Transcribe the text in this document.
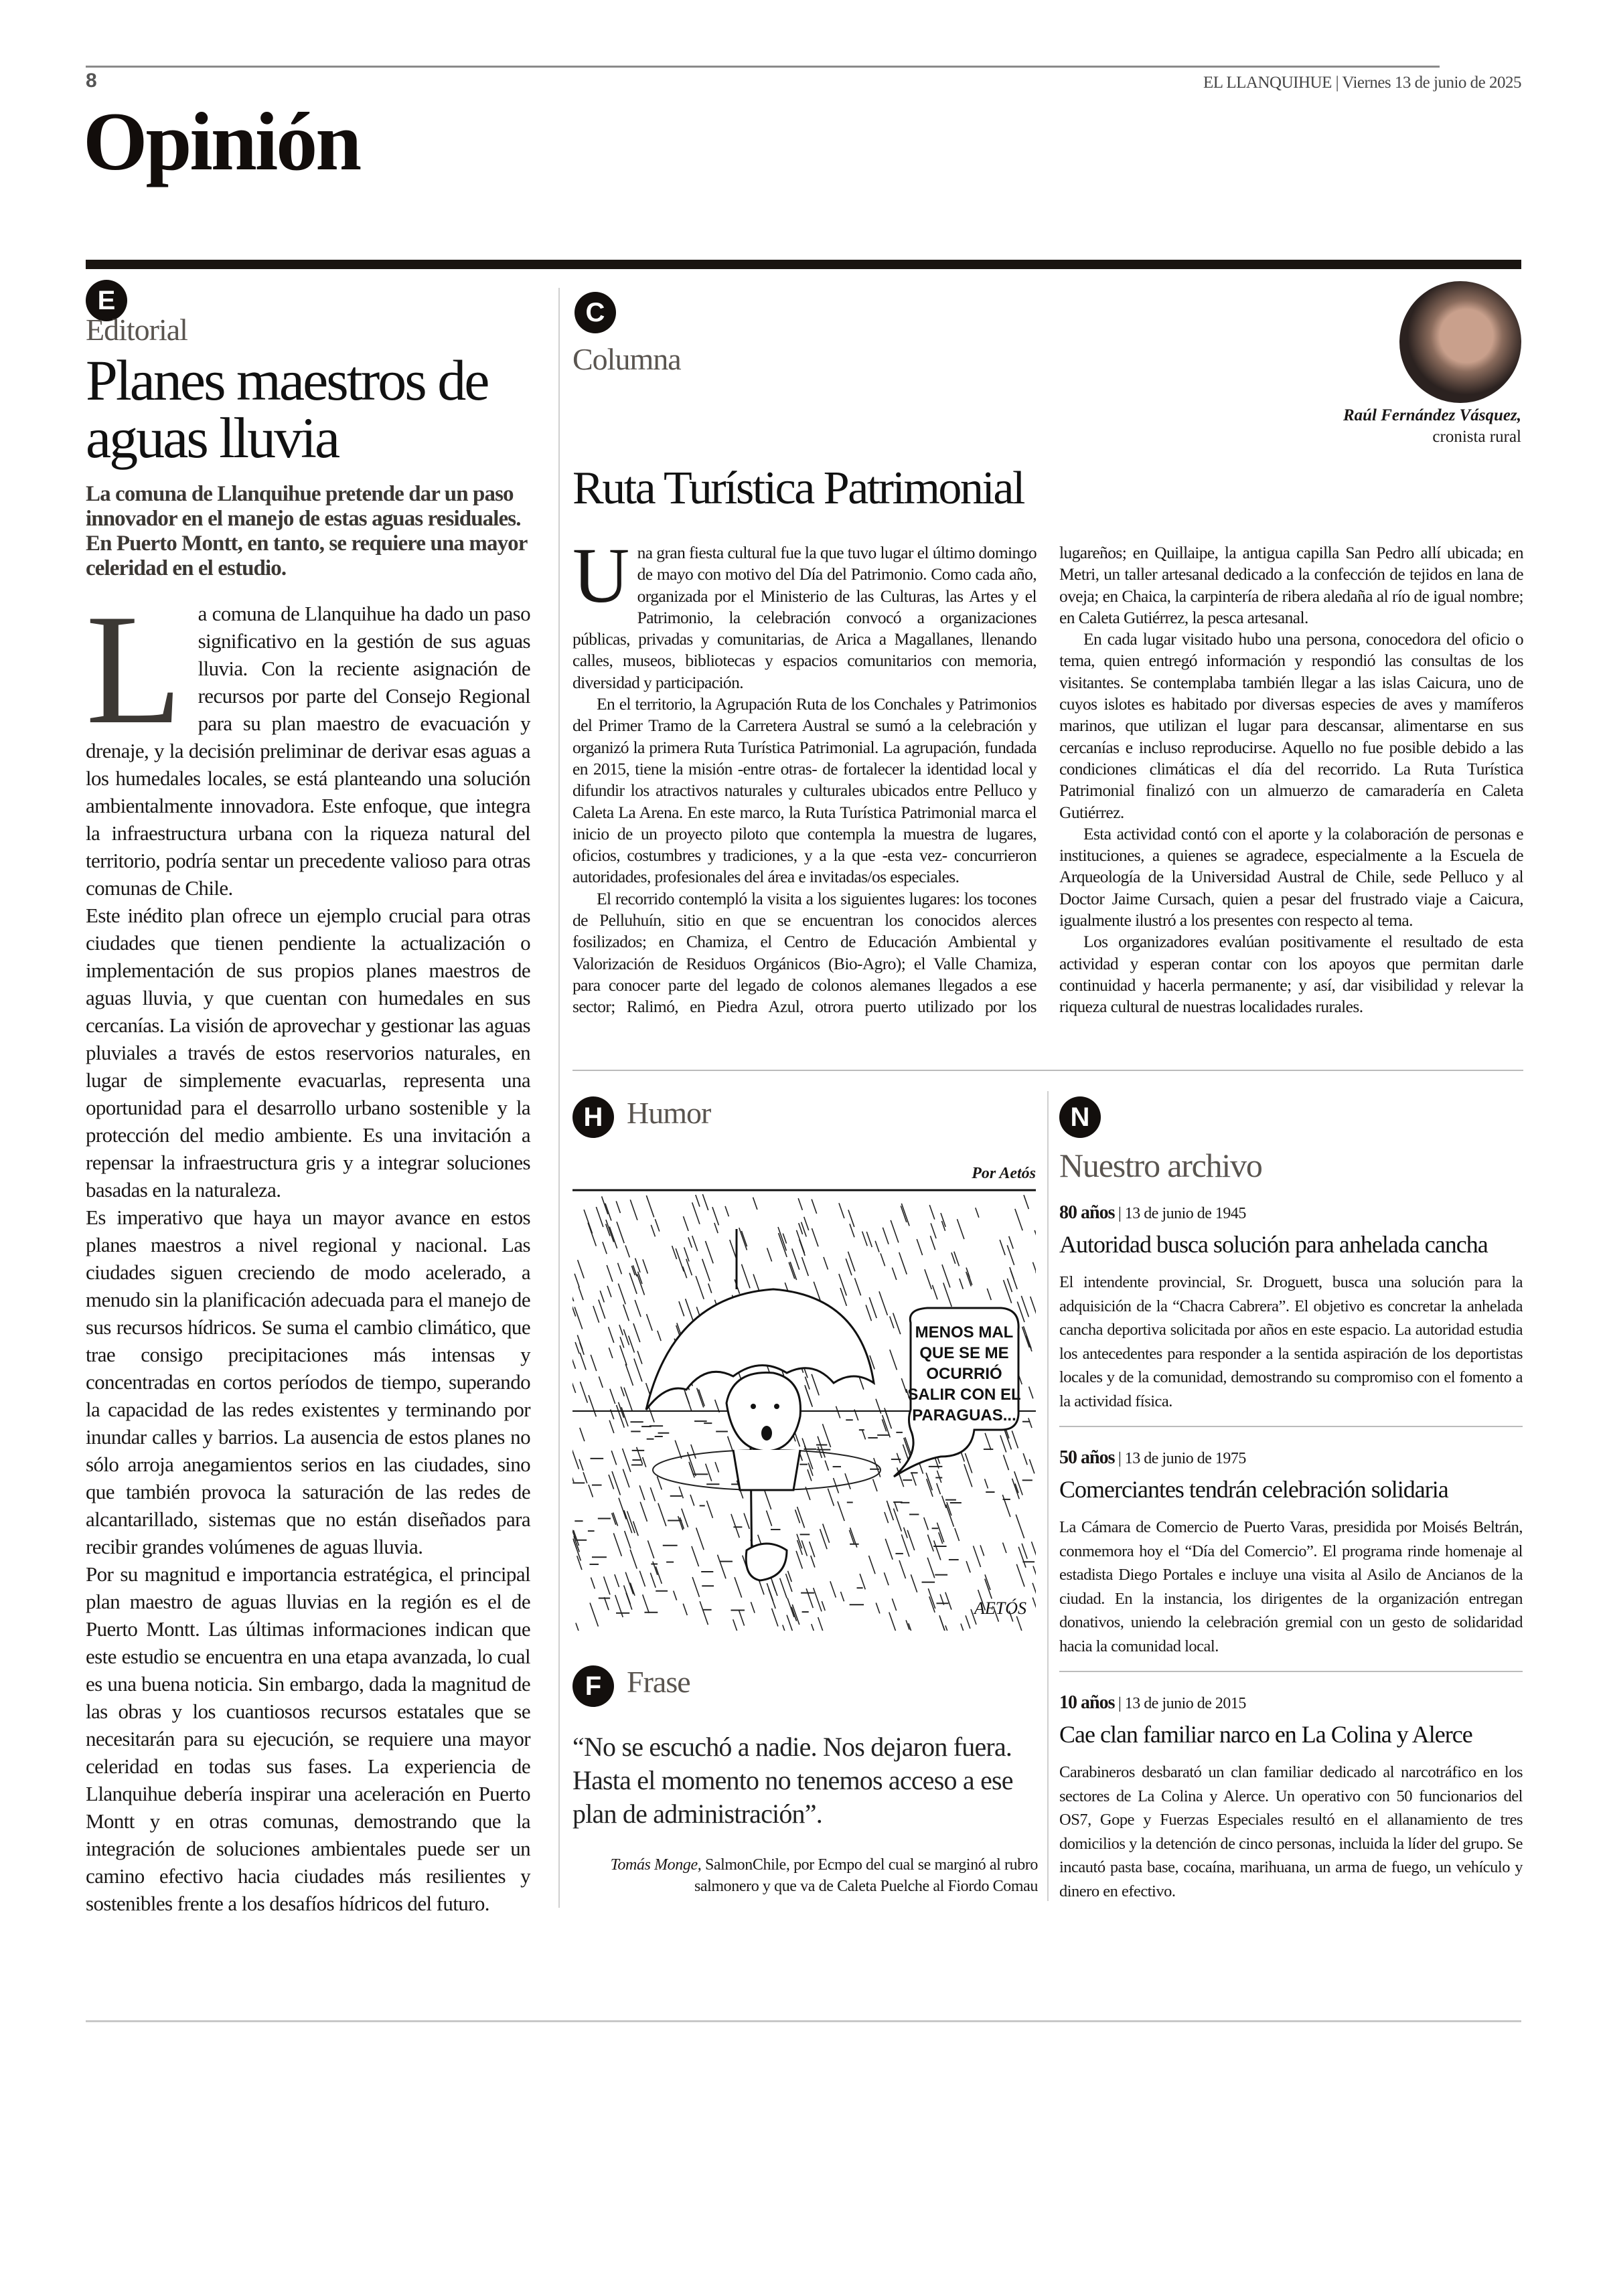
8	EL LLANQUIHUE | Viernes 13 de junio de 2025
Opinión
E
Editorial
Planes maestros de aguas lluvia
La comuna de Llanquihue pretende dar un paso innovador en el manejo de estas aguas residuales. En Puerto Montt, en tanto, se requiere una mayor celeridad en el estudio.

La comuna de Llanquihue ha dado un paso significativo en la gestión de sus aguas lluvia. Con la reciente asignación de recursos por parte del Consejo Regional para su plan maestro de evacuación y drenaje, y la decisión preliminar de derivar esas aguas a los humedales locales, se está planteando una solución ambientalmente innovadora. Este enfoque, que integra la infraestructura urbana con la riqueza natural del territorio, podría sentar un precedente valioso para otras comunas de Chile.

Este inédito plan ofrece un ejemplo crucial para otras ciudades que tienen pendiente la actualización o implementación de sus propios planes maestros de aguas lluvia, y que cuentan con humedales en sus cercanías. La visión de aprovechar y gestionar las aguas pluviales a través de estos reservorios naturales, en lugar de simplemente evacuarlas, representa una oportunidad para el desarrollo urbano sostenible y la protección del medio ambiente. Es una invitación a repensar la infraestructura gris y a integrar soluciones basadas en la naturaleza.

Es imperativo que haya un mayor avance en estos planes maestros a nivel regional y nacional. Las ciudades siguen creciendo de modo acelerado, a menudo sin la planificación adecuada para el manejo de sus recursos hídricos. Se suma el cambio climático, que trae consigo precipitaciones más intensas y concentradas en cortos períodos de tiempo, superando la capacidad de las redes existentes y terminando por inundar calles y barrios. La ausencia de estos planes no sólo arroja anegamientos serios en las ciudades, sino que también provoca la saturación de las redes de alcantarillado, sistemas que no están diseñados para recibir grandes volúmenes de aguas lluvia.

Por su magnitud e importancia estratégica, el principal plan maestro de aguas lluvias en la región es el de Puerto Montt. Las últimas informaciones indican que este estudio se encuentra en una etapa avanzada, lo cual es una buena noticia. Sin embargo, dada la magnitud de las obras y los cuantiosos recursos estatales que se necesitarán para su ejecución, se requiere una mayor celeridad en todas sus fases. La experiencia de Llanquihue debería inspirar una aceleración en Puerto Montt y en otras comunas, demostrando que la integración de soluciones ambientales puede ser un camino efectivo hacia ciudades más resilientes y sostenibles frente a los desafíos hídricos del futuro.

C
Columna
Raúl Fernández Vásquez,
cronista rural
Ruta Turística Patrimonial

Una gran fiesta cultural fue la que tuvo lugar el último domingo de mayo con motivo del Día del Patrimonio. Como cada año, organizada por el Ministerio de las Culturas, las Artes y el Patrimonio, la celebración convocó a organizaciones públicas, privadas y comunitarias, de Arica a Magallanes, llenando calles, museos, bibliotecas y espacios comunitarios con memoria, diversidad y participación.

En el territorio, la Agrupación Ruta de los Conchales y Patrimonios del Primer Tramo de la Carretera Austral se sumó a la celebración y organizó la primera Ruta Turística Patrimonial. La agrupación, fundada en 2015, tiene la misión -entre otras- de fortalecer la identidad local y difundir los atractivos naturales y culturales ubicados entre Pelluco y Caleta La Arena. En este marco, la Ruta Turística Patrimonial marca el inicio de un proyecto piloto que contempla la muestra de lugares, oficios, costumbres y tradiciones, y a la que -esta vez- concurrieron autoridades, profesionales del área e invitadas/os especiales.

El recorrido contempló la visita a los siguientes lugares: los tocones de Pelluhuín, sitio en que se encuentran los conocidos alerces fosilizados; en Chamiza, el Centro de Educación Ambiental y Valorización de Residuos Orgánicos (Bio-Agro); el Valle Chamiza, para conocer parte del legado de colonos alemanes llegados a ese sector; Ralimó, en Piedra Azul, otrora puerto utilizado por los lugareños; en Quillaipe, la antigua capilla San Pedro allí ubicada; en Metri, un taller artesanal dedicado a la confección de tejidos en lana de oveja; en Chaica, la carpintería de ribera aledaña al río de igual nombre; en Caleta Gutiérrez, la pesca artesanal.

En cada lugar visitado hubo una persona, conocedora del oficio o tema, quien entregó información y respondió las consultas de los visitantes. Se contemplaba también llegar a las islas Caicura, uno de cuyos islotes es habitado por diversas especies de aves y mamíferos marinos, que utilizan el lugar para descansar, alimentarse en sus cercanías e incluso reproducirse. Aquello no fue posible debido a las condiciones climáticas el día del recorrido. La Ruta Turística Patrimonial finalizó con un almuerzo de camaradería en Caleta Gutiérrez.

Esta actividad contó con el aporte y la colaboración de personas e instituciones, a quienes se agradece, especialmente a la Escuela de Arqueología de la Universidad Austral de Chile, sede Pelluco y al Doctor Jaime Cursach, quien a pesar del frustrado viaje a Caicura, igualmente ilustró a los presentes con respecto al tema.

Los organizadores evalúan positivamente el resultado de esta actividad y esperan contar con los apoyos que permitan darle continuidad y hacerla permanente; y así, dar visibilidad y relevar la riqueza cultural de nuestras localidades rurales.

H Humor
Por Aetós
MENOS MAL
QUE SE ME
OCURRIÓ
SALIR CON EL
PARAGUAS...
AETÓS
F Frase
“No se escuchó a nadie. Nos dejaron fuera. Hasta el momento no tenemos acceso a ese plan de administración”.
Tomás Monge, SalmonChile, por Ecmpo del cual se marginó al rubro salmonero y que va de Caleta Puelche al Fiordo Comau
N
Nuestro archivo
80 años | 13 de junio de 1945
Autoridad busca solución para anhelada cancha
El intendente provincial, Sr. Droguett, busca una solución para la adquisición de la “Chacra Cabrera”. El objetivo es concretar la anhelada cancha deportiva solicitada por años en este espacio. La autoridad estudia los antecedentes para responder a la sentida aspiración de los deportistas locales y de la comunidad, demostrando su compromiso con el fomento a la actividad física.
50 años | 13 de junio de 1975
Comerciantes tendrán celebración solidaria
La Cámara de Comercio de Puerto Varas, presidida por Moisés Beltrán, conmemora hoy el “Día del Comercio”. El programa rinde homenaje al estadista Diego Portales e incluye una visita al Asilo de Ancianos de la ciudad. En la instancia, los dirigentes de la organización entregan donativos, uniendo la celebración gremial con un gesto de solidaridad hacia la comunidad local.
10 años | 13 de junio de 2015
Cae clan familiar narco en La Colina y Alerce
Carabineros desbarató un clan familiar dedicado al narcotráfico en los sectores de La Colina y Alerce. Un operativo con 50 funcionarios del OS7, Gope y Fuerzas Especiales resultó en el allanamiento de tres domicilios y la detención de cinco personas, incluida la líder del grupo. Se incautó pasta base, cocaína, marihuana, un arma de fuego, un vehículo y dinero en efectivo.
